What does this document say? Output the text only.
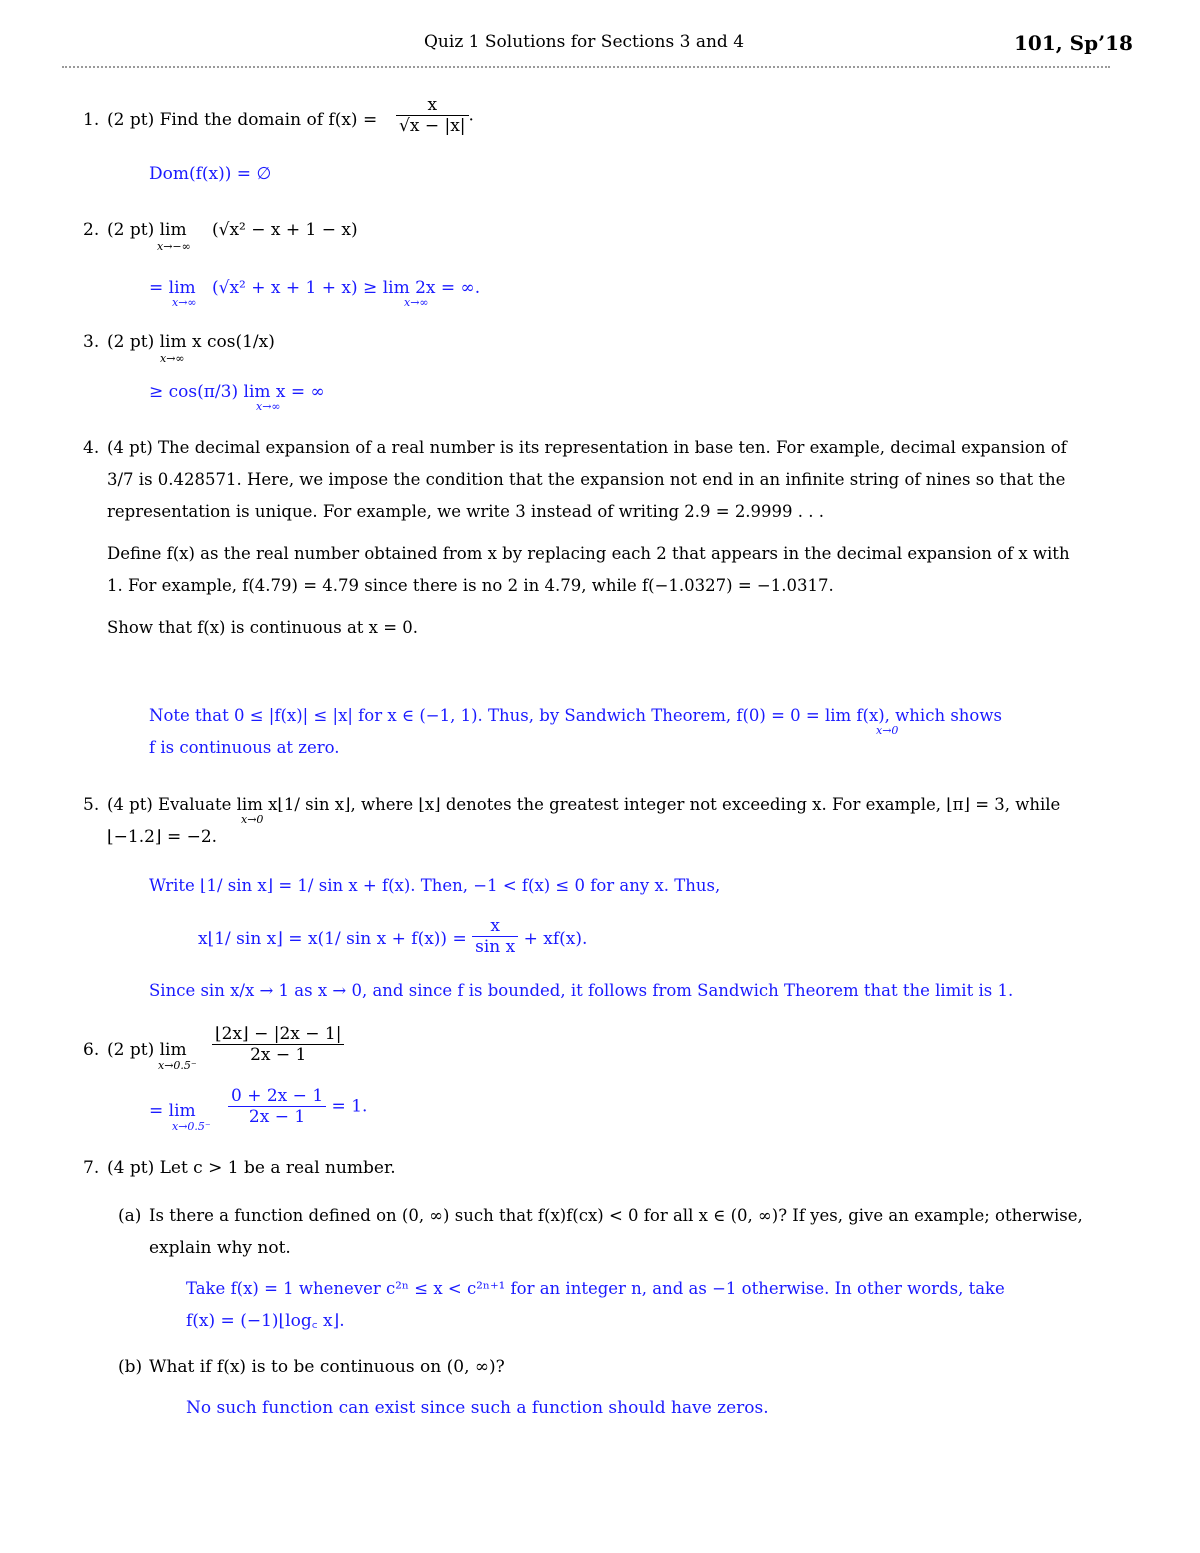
Quiz 1 Solutions for Sections 3 and 4	101, Sp’18
1. (2 pt) Find the domain of $f(x) = \frac{x}{√x - |x|}$ .
Dom(f(x)) = ∅
2. (2 pt) lim
x→−∞
(√x² − x + 1 − x)
= lim
x→∞
(√x² + x + 1 + x) ≥ lim 2x = ∞.
x→∞
3. (2 pt) lim x cos(1/x)
x→∞
≥ cos(π/3) lim x = ∞
x→∞
4. (4 pt) The decimal expansion of a real number is its representation in base ten. For example, decimal expansion of
3/7 is 0.428571. Here, we impose the condition that the expansion not end in an infinite string of nines so that the
representation is unique. For example, we write 3 instead of writing 2.9 = 2.9999 . . .
Define f(x) as the real number obtained from x by replacing each 2 that appears in the decimal expansion of x with
1. For example, f(4.79) = 4.79 since there is no 2 in 4.79, while f(−1.0327) = −1.0317.
Show that f(x) is continuous at x = 0.
Note that 0 ≤ |f(x)| ≤ |x| for x ∈ (−1, 1). Thus, by Sandwich Theorem, f(0) = 0 = lim f(x), which shows
x→0
f is continuous at zero.
5. (4 pt) Evaluate lim x⌊1/ sin x⌋, where ⌊x⌋ denotes the greatest integer not exceeding x. For example, ⌊π⌋ = 3, while
x→0
⌊−1.2⌋ = −2.
Write ⌊1/ sin x⌋ = 1/ sin x + f(x). Then, −1 < f(x) ≤ 0 for any x. Thus,
x⌊1/ sin x⌋ = x(1/ $\sin x + f(x)) = \frac{x}{\text{sin x}} + xf(x)$.
Since sin x/x → 1 as x → 0, and since f is bounded, it follows from Sandwich Theorem that the limit is 1.
6. (2 pt) lim
x→0.5⁻
$\frac{⌊2x⌋ - |2x - 1|}{2x - 1}$
= lim
x→0.5⁻
$\frac{0 + 2x - 1}{2x - 1} = 1$.
7. (4 pt) Let c > 1 be a real number.
(a) Is there a function defined on (0, ∞) such that f(x)f(cx) < 0 for all x ∈ (0, ∞)? If yes, give an example; otherwise,
explain why not.
Take f(x) = 1 whenever c²ⁿ ≤ x < c²ⁿ⁺¹ for an integer n, and as −1 otherwise. In other words, take
f(x) = (−1)⌊log꜀ x⌋.
(b) What if f(x) is to be continuous on (0, ∞)?
No such function can exist since such a function should have zeros.
